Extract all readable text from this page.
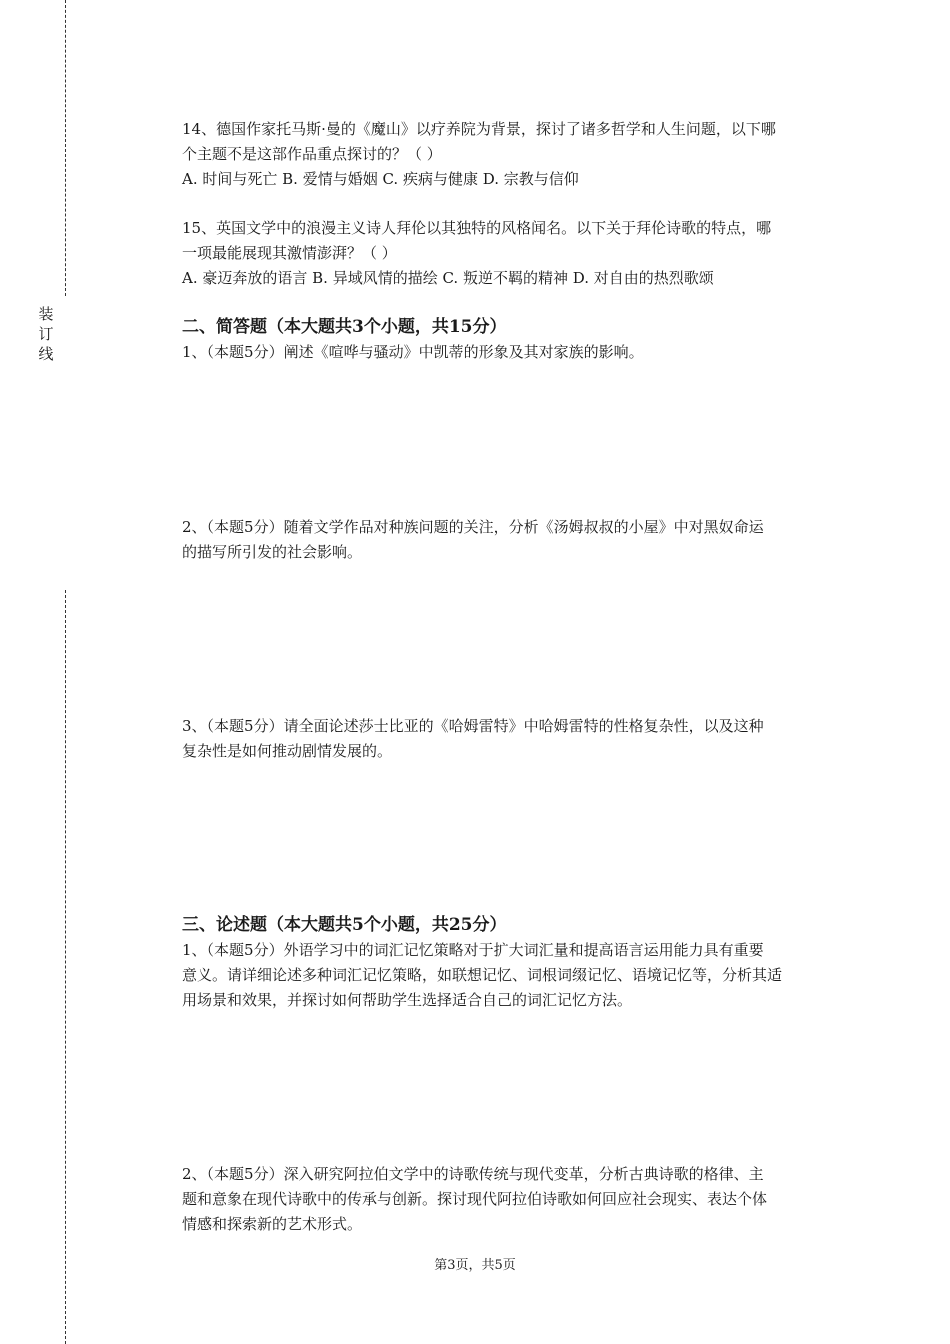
装
订
线

14、德国作家托马斯·曼的《魔山》以疗养院为背景，探讨了诸多哲学和人生问题，以下哪

个主题不是这部作品重点探讨的？（ ）

A. 时间与死亡 B. 爱情与婚姻 C. 疾病与健康 D. 宗教与信仰

15、英国文学中的浪漫主义诗人拜伦以其独特的风格闻名。以下关于拜伦诗歌的特点，哪

一项最能展现其激情澎湃？（ ）

A. 豪迈奔放的语言 B. 异域风情的描绘 C. 叛逆不羁的精神 D. 对自由的热烈歌颂

二、简答题（本大题共3个小题，共15分）

1、（本题5分）阐述《喧哗与骚动》中凯蒂的形象及其对家族的影响。

2、（本题5分）随着文学作品对种族问题的关注，分析《汤姆叔叔的小屋》中对黑奴命运

的描写所引发的社会影响。

3、（本题5分）请全面论述莎士比亚的《哈姆雷特》中哈姆雷特的性格复杂性，以及这种

复杂性是如何推动剧情发展的。

三、论述题（本大题共5个小题，共25分）

1、（本题5分）外语学习中的词汇记忆策略对于扩大词汇量和提高语言运用能力具有重要

意义。请详细论述多种词汇记忆策略，如联想记忆、词根词缀记忆、语境记忆等，分析其适

用场景和效果，并探讨如何帮助学生选择适合自己的词汇记忆方法。

2、（本题5分）深入研究阿拉伯文学中的诗歌传统与现代变革，分析古典诗歌的格律、主

题和意象在现代诗歌中的传承与创新。探讨现代阿拉伯诗歌如何回应社会现实、表达个体

情感和探索新的艺术形式。

第3页，共5页
